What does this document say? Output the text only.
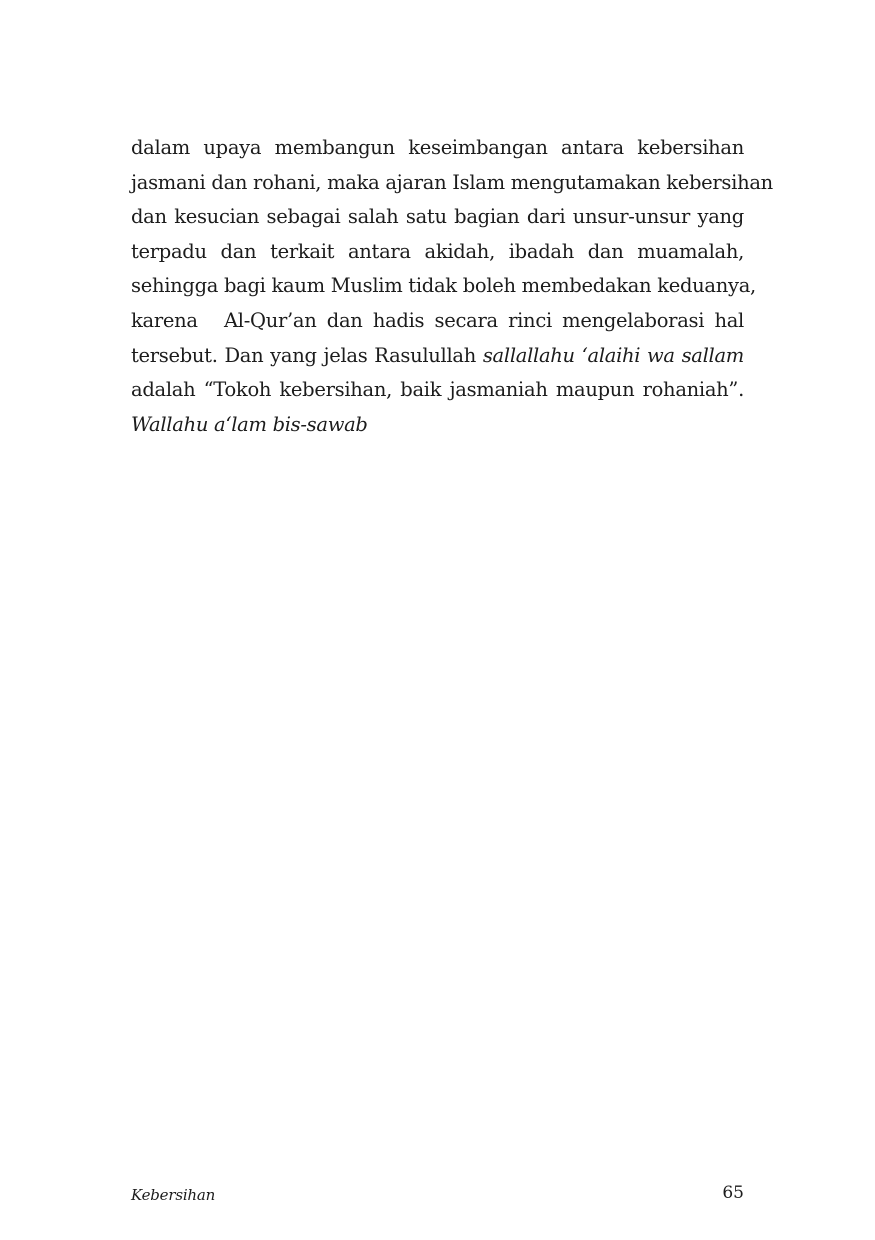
dalam upaya membangun keseimbangan antara kebersihan
jasmani dan rohani, maka ajaran Islam mengutamakan kebersihan
dan kesucian sebagai salah satu bagian dari unsur-unsur yang
terpadu dan terkait antara akidah, ibadah dan muamalah,
sehingga bagi kaum Muslim tidak boleh membedakan keduanya,
karena Al-Qur’an dan hadis secara rinci mengelaborasi hal
tersebut. Dan yang jelas Rasulullah sallallahu ‘alaihi wa sallam
adalah “Tokoh kebersihan, baik jasmaniah maupun rohaniah”.
Wallahu a‘lam bis-sawab
Kebersihan	65
